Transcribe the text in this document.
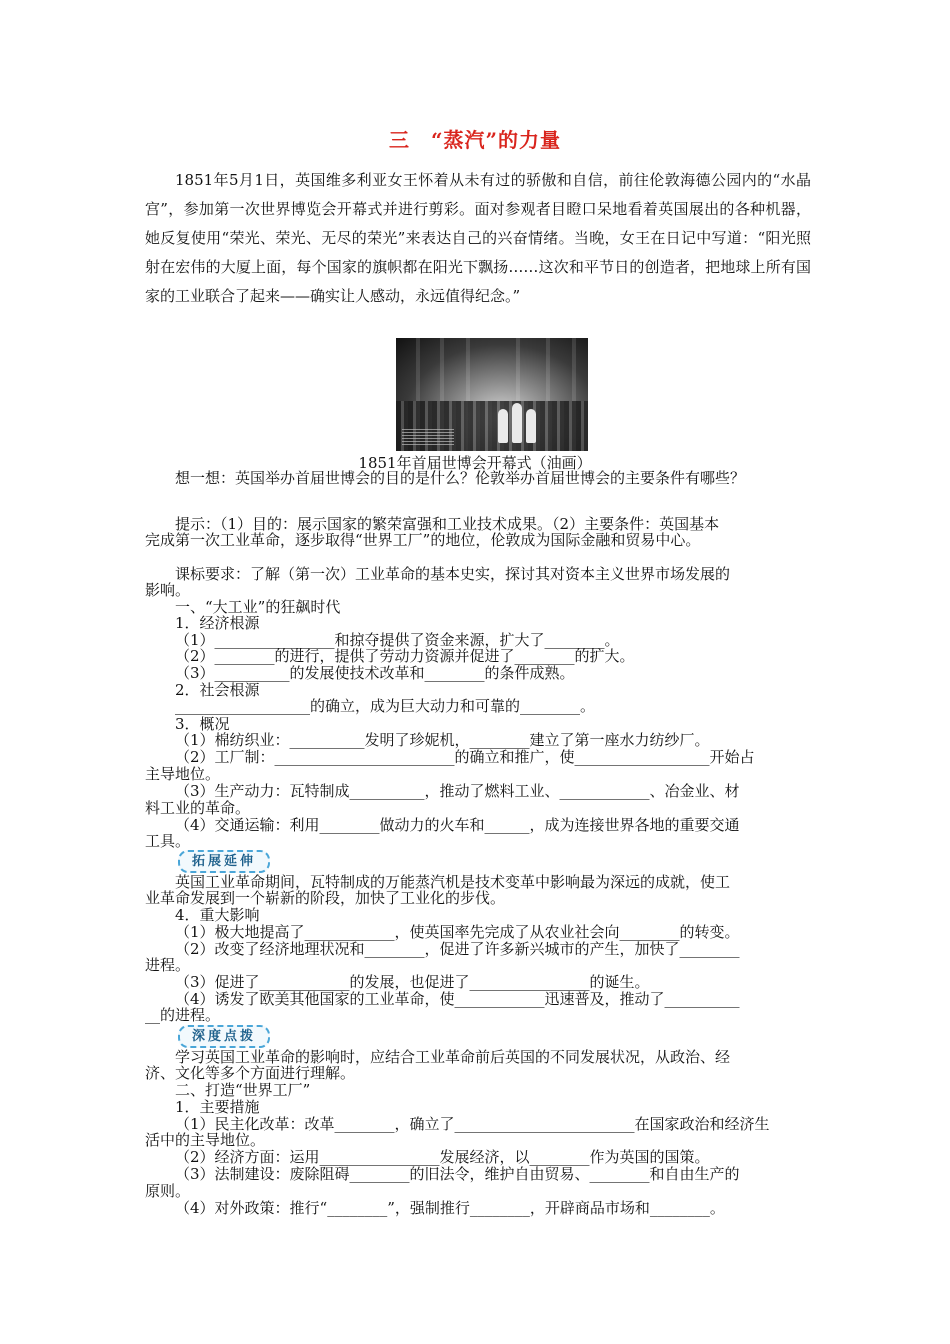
三　“蒸汽”的力量
1851年5月1日，英国维多利亚女王怀着从未有过的骄傲和自信，前往伦敦海德公园内的“水晶宫”，参加第一次世界博览会开幕式并进行剪彩。面对参观者目瞪口呆地看着英国展出的各种机器，她反复使用“荣光、荣光、无尽的荣光”来表达自己的兴奋情绪。当晚，女王在日记中写道：“阳光照射在宏伟的大厦上面，每个国家的旗帜都在阳光下飘扬……这次和平节日的创造者，把地球上所有国家的工业联合了起来——确实让人感动，永远值得纪念。”
1851年首届世博会开幕式（油画）
想一想：英国举办首届世博会的目的是什么？伦敦举办首届世博会的主要条件有哪些？
提示：（1）目的：展示国家的繁荣富强和工业技术成果。（2）主要条件：英国基本
完成第一次工业革命，逐步取得“世界工厂”的地位，伦敦成为国际金融和贸易中心。
课标要求：了解（第一次）工业革命的基本史实，探讨其对资本主义世界市场发展的
影响。
一、“大工业”的狂飙时代
1．经济根源
（1）________________和掠夺提供了资金来源，扩大了________。
（2）________的进行，提供了劳动力资源并促进了________的扩大。
（3）__________的发展使技术改革和________的条件成熟。
2．社会根源
__________________的确立，成为巨大动力和可靠的________。
3．概况
（1）棉纺织业：__________发明了珍妮机，________建立了第一座水力纺纱厂。
（2）工厂制：________________________的确立和推广，使__________________开始占
主导地位。
（3）生产动力：瓦特制成__________，推动了燃料工业、____________、冶金业、材
料工业的革命。
（4）交通运输：利用________做动力的火车和______，成为连接世界各地的重要交通
工具。
拓展延伸
英国工业革命期间，瓦特制成的万能蒸汽机是技术变革中影响最为深远的成就，使工
业革命发展到一个崭新的阶段，加快了工业化的步伐。
4．重大影响
（1）极大地提高了____________，使英国率先完成了从农业社会向________的转变。
（2）改变了经济地理状况和________，促进了许多新兴城市的产生，加快了________
进程。
（3）促进了____________的发展，也促进了________________的诞生。
（4）诱发了欧美其他国家的工业革命，使____________迅速普及，推动了__________
__的进程。
深度点拨
学习英国工业革命的影响时，应结合工业革命前后英国的不同发展状况，从政治、经
济、文化等多个方面进行理解。
二、打造“世界工厂”
1．主要措施
（1）民主化改革：改革________，确立了________________________在国家政治和经济生
活中的主导地位。
（2）经济方面：运用________________发展经济，以________作为英国的国策。
（3）法制建设：废除阻碍________的旧法令，维护自由贸易、________和自由生产的
原则。
（4）对外政策：推行“________”，强制推行________，开辟商品市场和________。
